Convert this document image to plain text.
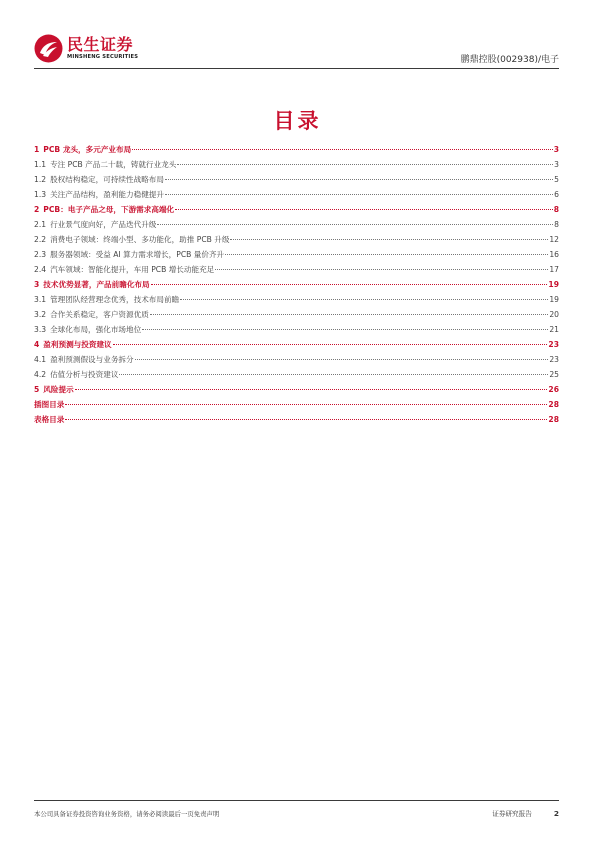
民生证券
MINSHENG SECURITIES	鹏鼎控股(002938)/电子
目录
1 PCB 龙头，多元产业布局	3
1.1 专注 PCB 产品二十载，铸就行业龙头	3
1.2 股权结构稳定，可持续性战略布局	5
1.3 关注产品结构，盈利能力稳健提升	6
2 PCB：电子产品之母，下游需求高端化	8
2.1 行业景气度向好，产品迭代升级	8
2.2 消费电子领域：终端小型、多功能化，助推 PCB 升级	12
2.3 服务器领域：受益 AI 算力需求增长，PCB 量价齐升	16
2.4 汽车领域：智能化提升，车用 PCB 增长动能充足	17
3 技术优势显著，产品前瞻化布局	19
3.1 管理团队经营理念优秀，技术布局前瞻	19
3.2 合作关系稳定，客户资源优质	20
3.3 全球化布局，强化市场地位	21
4 盈利预测与投资建议	23
4.1 盈利预测假设与业务拆分	23
4.2 估值分析与投资建议	25
5 风险提示	26
插图目录	28
表格目录	28
本公司具备证券投资咨询业务资格，请务必阅读最后一页免责声明	证券研究报告	2
